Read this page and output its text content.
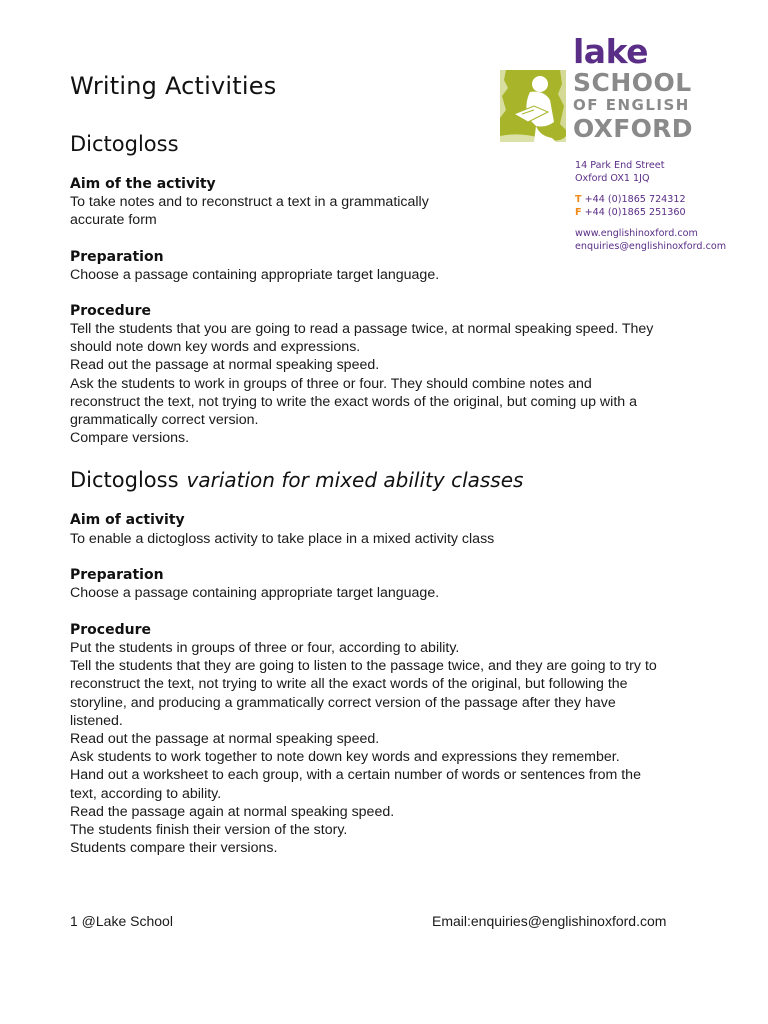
lake
SCHOOL
OF ENGLISH
OXFORD
14 Park End Street
Oxford OX1 1JQ
T +44 (0)1865 724312
F +44 (0)1865 251360
www.englishinoxford.com
enquiries@englishinoxford.com
Writing Activities
Dictogloss
Aim of the activity
To take notes and to reconstruct a text in a grammatically
accurate form
Preparation
Choose a passage containing appropriate target language.
Procedure
Tell the students that you are going to read a passage twice, at normal speaking speed. They
should note down key words and expressions.
Read out the passage at normal speaking speed.
Ask the students to work in groups of three or four. They should combine notes and
reconstruct the text, not trying to write the exact words of the original, but coming up with a
grammatically correct version.
Compare versions.
Dictogloss variation for mixed ability classes
Aim of activity
To enable a dictogloss activity to take place in a mixed activity class
Preparation
Choose a passage containing appropriate target language.
Procedure
Put the students in groups of three or four, according to ability.
Tell the students that they are going to listen to the passage twice, and they are going to try to
reconstruct the text, not trying to write all the exact words of the original, but following the
storyline, and producing a grammatically correct version of the passage after they have
listened.
Read out the passage at normal speaking speed.
Ask students to work together to note down key words and expressions they remember.
Hand out a worksheet to each group, with a certain number of words or sentences from the
text, according to ability.
Read the passage again at normal speaking speed.
The students finish their version of the story.
Students compare their versions.
1 @Lake School	Email:enquiries@englishinoxford.com
